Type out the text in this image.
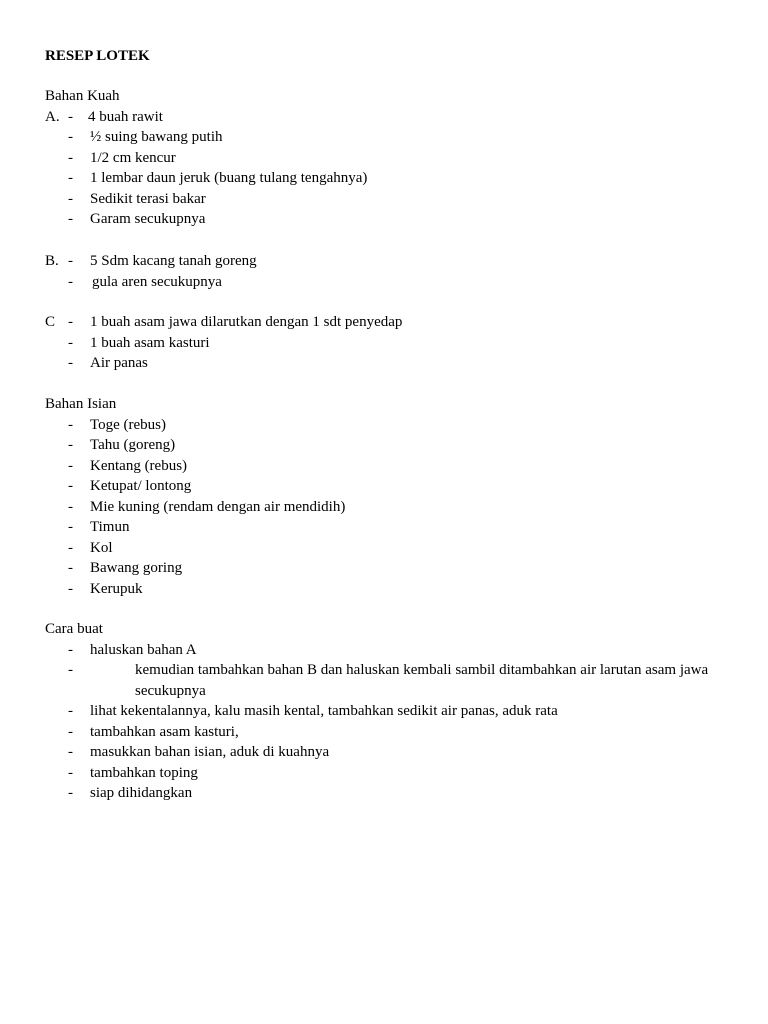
RESEP LOTEK
Bahan Kuah
A. - 4 buah rawit
- ½ suing bawang putih
- 1/2 cm kencur
- 1 lembar daun jeruk (buang tulang tengahnya)
- Sedikit terasi bakar
- Garam secukupnya
B. - 5 Sdm kacang tanah goreng
- gula aren secukupnya
C - 1 buah asam jawa dilarutkan dengan 1 sdt penyedap
- 1 buah asam kasturi
- Air panas
Bahan Isian
- Toge (rebus)
- Tahu (goreng)
- Kentang (rebus)
- Ketupat/ lontong
- Mie kuning (rendam dengan air mendidih)
- Timun
- Kol
- Bawang goring
- Kerupuk
Cara buat
- haluskan bahan A
-	kemudian tambahkan bahan B dan haluskan kembali sambil ditambahkan air larutan asam jawa secukupnya
- lihat kekentalannya, kalu masih kental, tambahkan sedikit air panas, aduk rata
- tambahkan asam kasturi,
- masukkan bahan isian, aduk di kuahnya
- tambahkan toping
- siap dihidangkan
